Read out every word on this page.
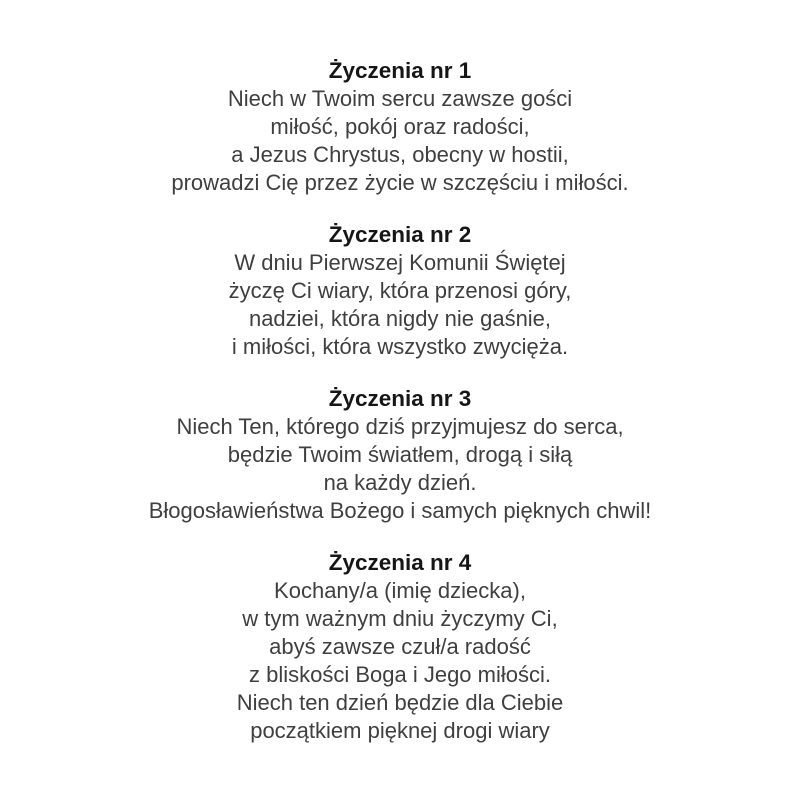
Życzenia nr 1
Niech w Twoim sercu zawsze gości
miłość, pokój oraz radości,
a Jezus Chrystus, obecny w hostii,
prowadzi Cię przez życie w szczęściu i miłości.
Życzenia nr 2
W dniu Pierwszej Komunii Świętej
życzę Ci wiary, która przenosi góry,
nadziei, która nigdy nie gaśnie,
i miłości, która wszystko zwycięża.
Życzenia nr 3
Niech Ten, którego dziś przyjmujesz do serca,
będzie Twoim światłem, drogą i siłą
na każdy dzień.
Błogosławieństwa Bożego i samych pięknych chwil!
Życzenia nr 4
Kochany/a (imię dziecka),
w tym ważnym dniu życzymy Ci,
abyś zawsze czuł/a radość
z bliskości Boga i Jego miłości.
Niech ten dzień będzie dla Ciebie
początkiem pięknej drogi wiary
